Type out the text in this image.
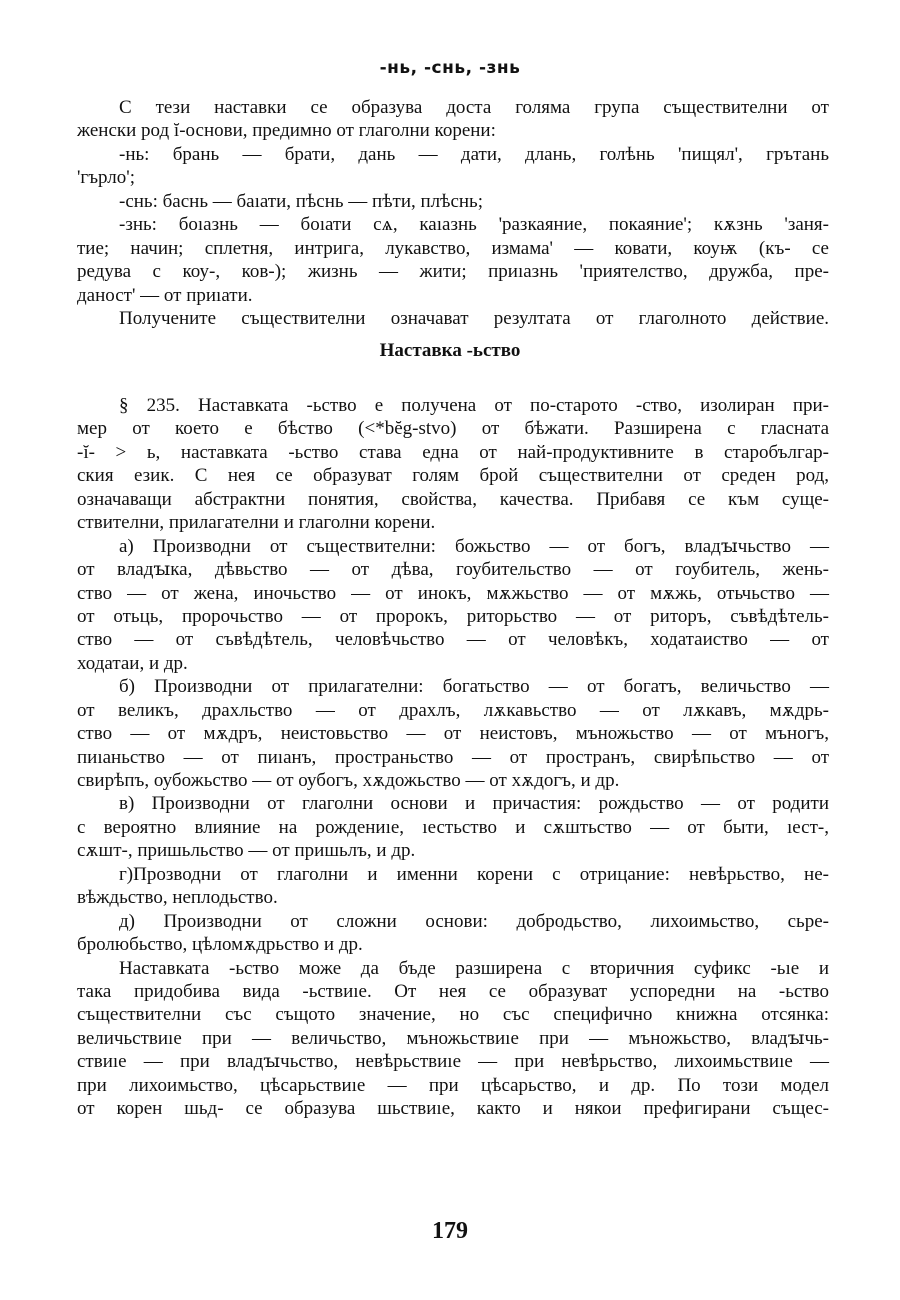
-нь, -снь, -знь
С тези наставки се образува доста голяма група съществителни от
женски род ĭ-основи, предимно от глаголни корени:
-нь: брань — брати, дань — дати, длань, голѣнь 'пищял', грътань
'гърло';
-снь: баснь — баıати, пѣснь — пѣти, плѣснь;
-знь: боıазнь — боıати сѧ, каıазнь 'разкаяние, покаяние'; кѫзнь 'заня-
тие; начин; сплетня, интрига, лукавство, измама' — ковати, коуѭ (къ- се
редува с коу-, ков-); жизнь — жити; приıазнь 'приятелство, дружба, пре-
даност' — от приıати.
Получените съществителни означават резултата от глаголното действие.
Наставка -ьство
§ 235. Наставката -ьство е получена от по-старото -ство, изолиран при-
мер от което е бѣство (<*bĕg-stvo) от бѣжати. Разширена с гласната
-ĭ- > ь, наставката -ьство става една от най-продуктивните в старобългар-
ския език. С нея се образуват голям брой съществителни от среден род,
означаващи абстрактни понятия, свойства, качества. Прибавя се към суще-
ствителни, прилагателни и глаголни корени.
а) Производни от съществителни: божьство — от богъ, владꙑчьство —
от владꙑка, дѣвьство — от дѣва, гоубительство — от гоубитель, жень-
ство — от жена, иночьство — от инокъ, мѫжьство — от мѫжь, отьчьство —
от отьць, пророчьство — от пророкъ, риторьство — от риторъ, съвѣдѣтель-
ство — от съвѣдѣтель, человѣчьство — от человѣкъ, ходатаиство — от
ходатаи, и др.
б) Производни от прилагателни: богатьство — от богатъ, величьство —
от великъ, драхльство — от драхлъ, лѫкавьство — от лѫкавъ, мѫдрь-
ство — от мѫдръ, неистовьство — от неистовъ, мъножьство — от мъногъ,
пиıаньство — от пиıанъ, пространьство — от пространъ, свирѣпьство — от
свирѣпъ, оубожьство — от оубогъ, хѫдожьство — от хѫдогъ, и др.
в) Производни от глаголни основи и причастия: рождьство — от родити
с вероятно влияние на рождениıе, ıестьство и сѫштьство — от быти, ıест-,
сѫшт-, пришьльство — от пришьлъ, и др.
г)Прозводни от глаголни и именни корени с отрицание: невѣрьство, не-
вѣждьство, неплодьство.
д) Производни от сложни основи: добродьство, лихоимьство, сьре-
бролюбьство, цѣломѫдрьство и др.
Наставката -ьство може да бъде разширена с вторичния суфикс -ьıе и
така придобива вида -ьствиıе. От нея се образуват успоредни на -ьство
съществителни със същото значение, но със специфично книжна отсянка:
величьствиıе при — величьство, мъножьствиıе при — мъножьство, владꙑчь-
ствиıе — при владꙑчьство, невѣрьствиıе — при невѣрьство, лихоимьствиıе —
при лихоимьство, цѣсарьствиıе — при цѣсарьство, и др. По този модел
от корен шьд- се образува шьствиıе, както и някои префигирани същес-
179
